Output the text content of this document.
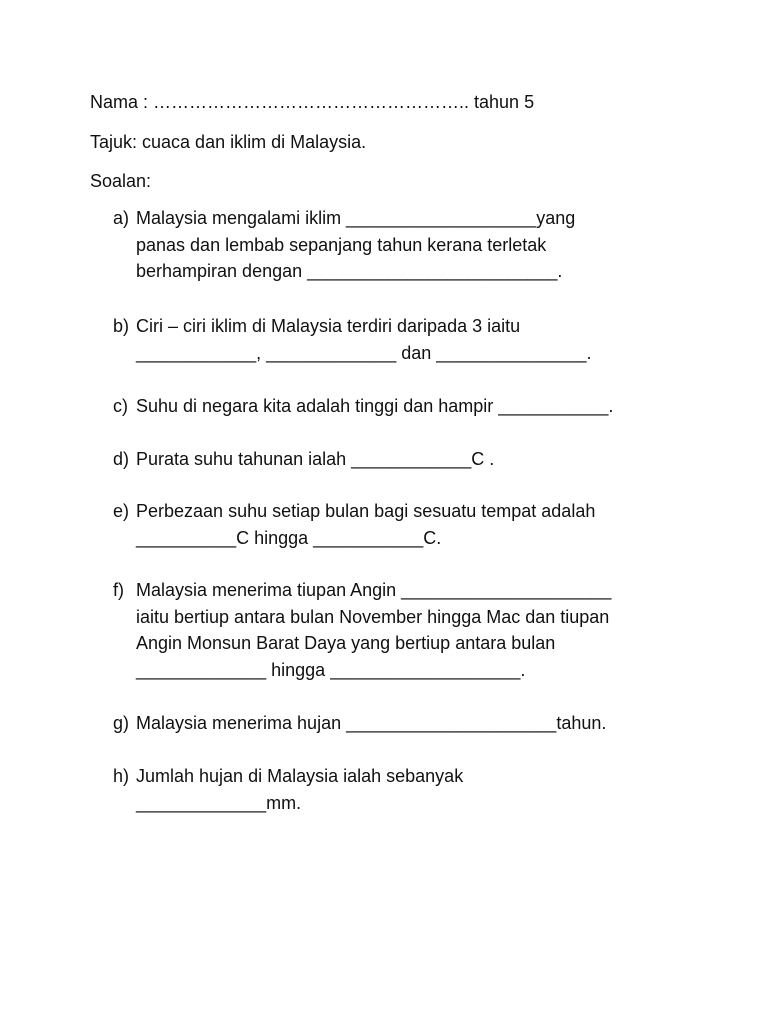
Nama : …………………………………………….. tahun 5
Tajuk: cuaca dan iklim di Malaysia.
Soalan:
a) Malaysia mengalami iklim ___________________yang
panas dan lembab sepanjang tahun kerana terletak
berhampiran dengan _________________________.
b) Ciri – ciri iklim di Malaysia terdiri daripada 3 iaitu
____________, _____________ dan _______________.
c) Suhu di negara kita adalah tinggi dan hampir ___________.
d) Purata suhu tahunan ialah ____________C .
e) Perbezaan suhu setiap bulan bagi sesuatu tempat adalah
__________C hingga ___________C.
f) Malaysia menerima tiupan Angin _____________________
iaitu bertiup antara bulan November hingga Mac dan tiupan
Angin Monsun Barat Daya yang bertiup antara bulan
_____________ hingga ___________________.
g) Malaysia menerima hujan _____________________tahun.
h) Jumlah hujan di Malaysia ialah sebanyak
_____________mm.
